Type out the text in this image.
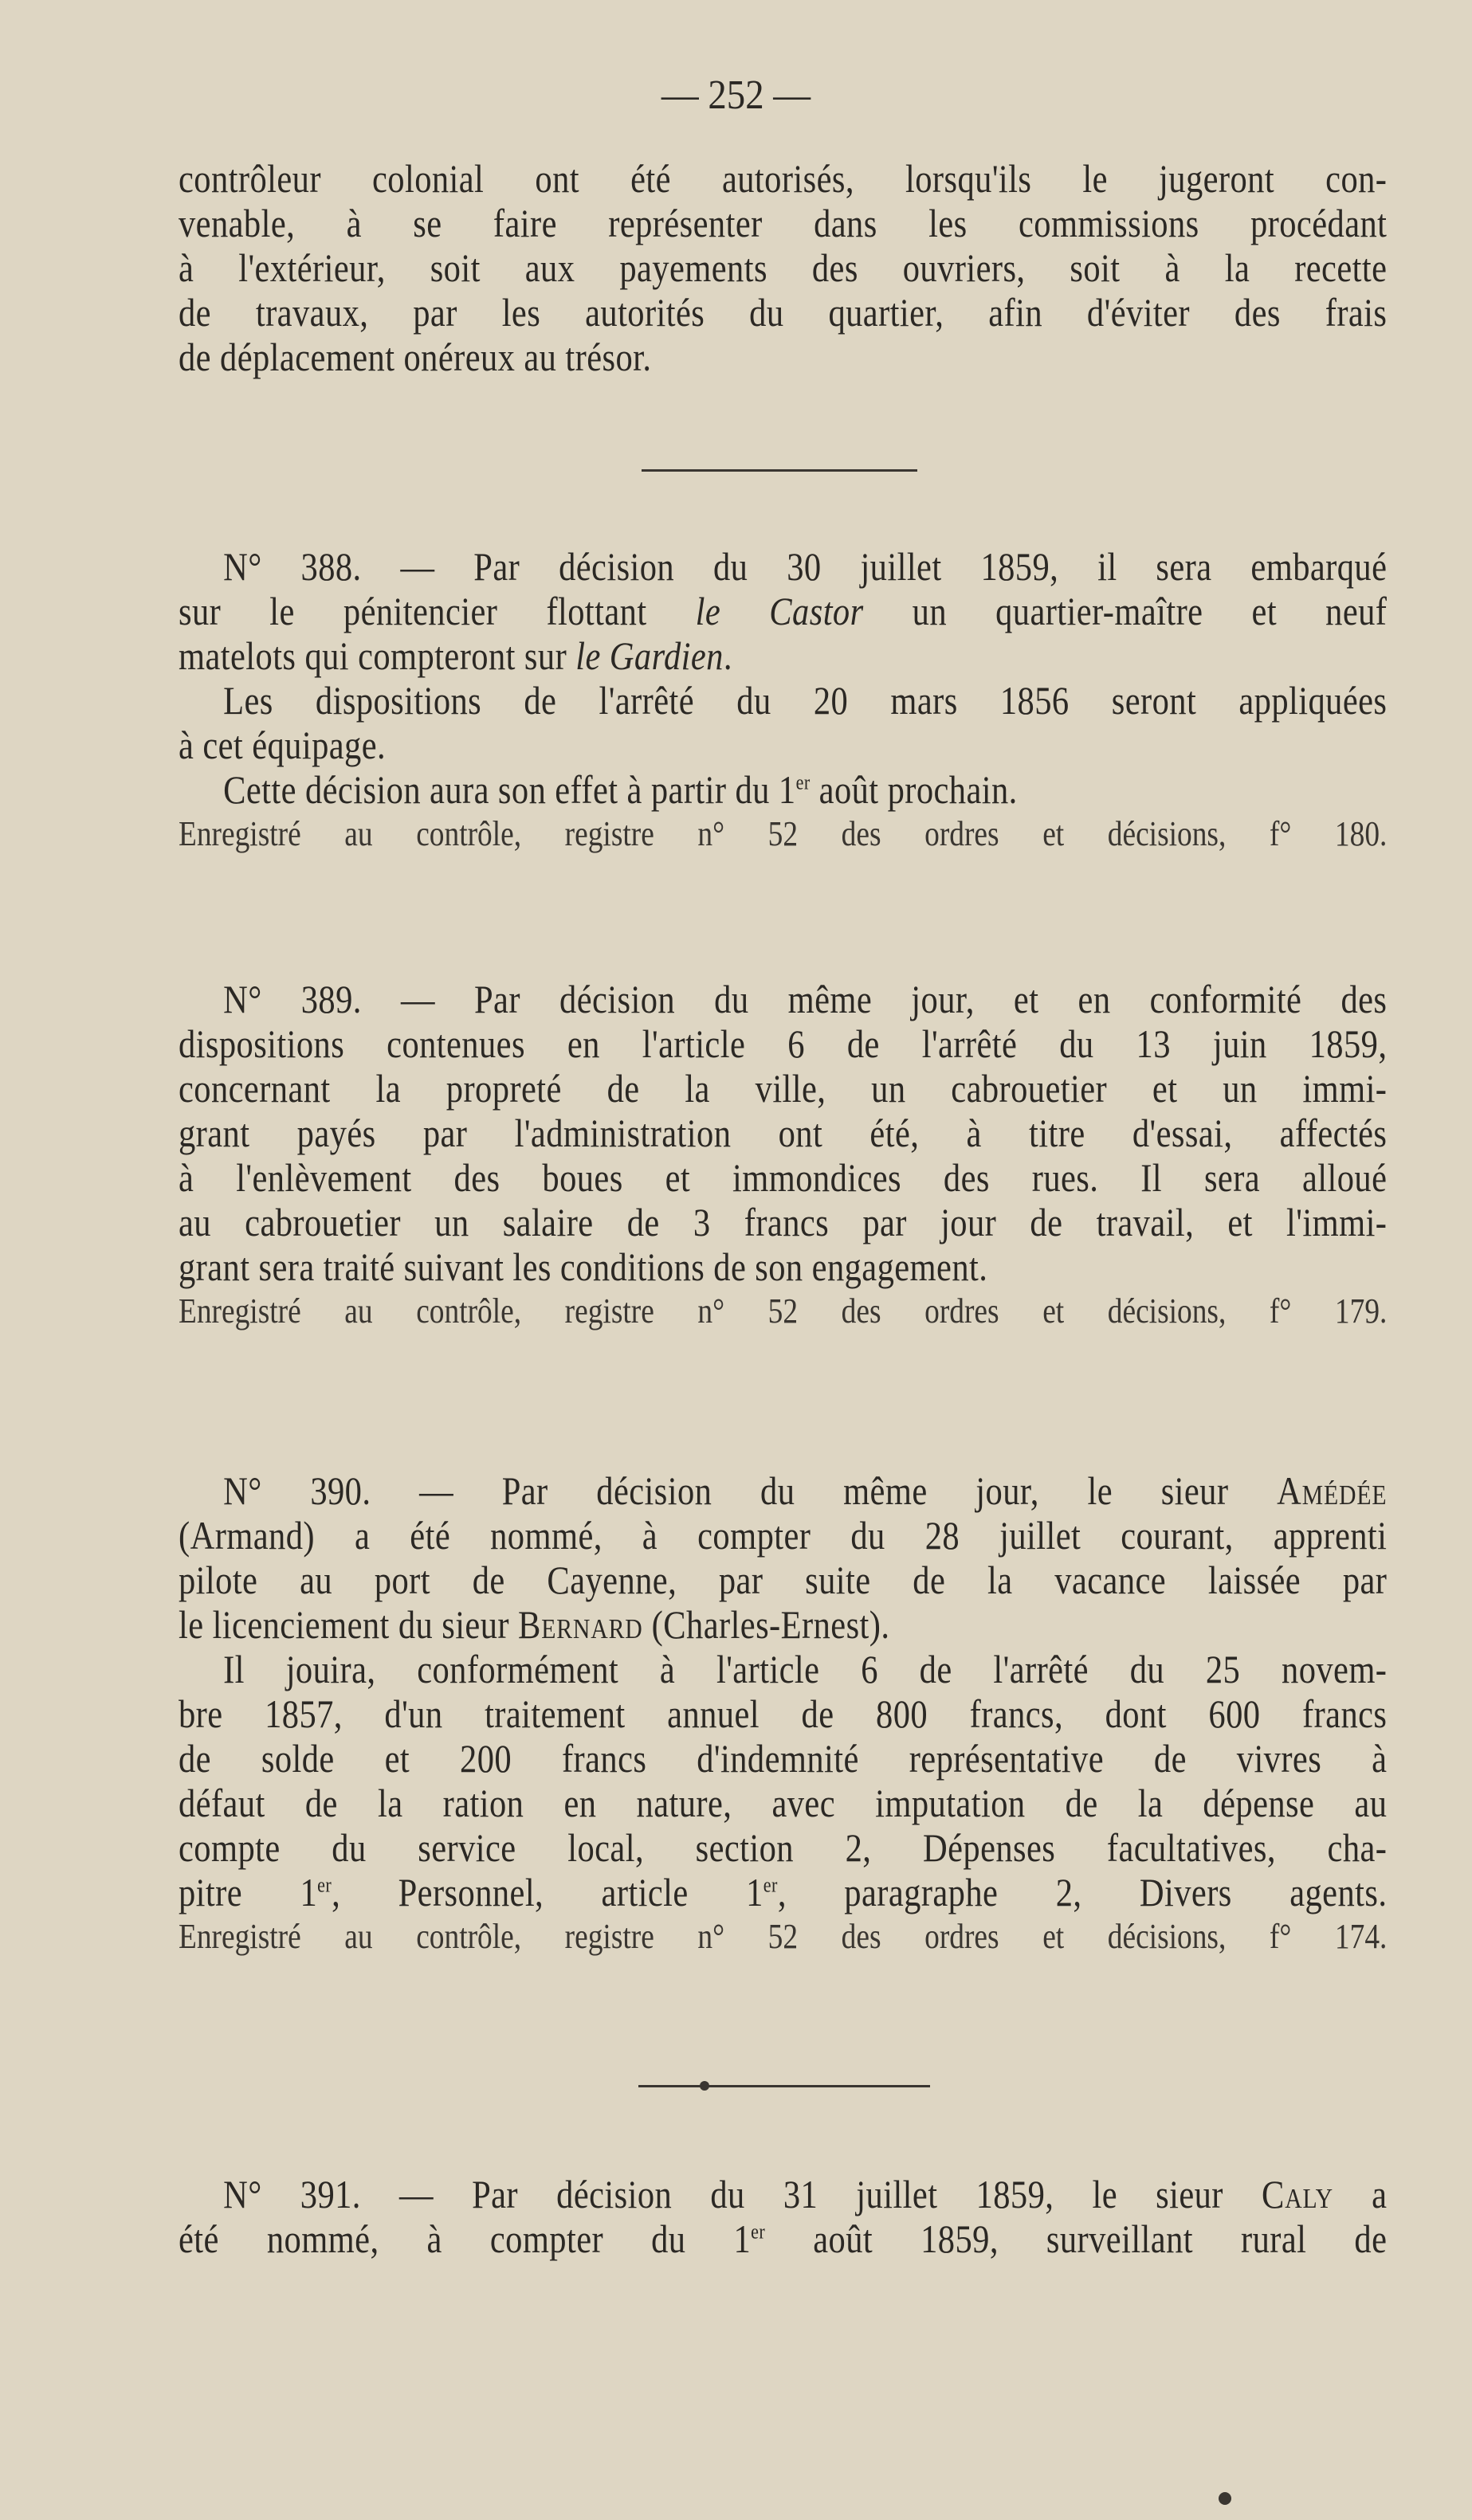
— 252 —
contrôleur colonial ont été autorisés, lorsqu'ils le jugeront con-
venable, à se faire représenter dans les commissions procédant
à l'extérieur, soit aux payements des ouvriers, soit à la recette
de travaux, par les autorités du quartier, afin d'éviter des frais
de déplacement onéreux au trésor.
N° 388. — Par décision du 30 juillet 1859, il sera embarqué
sur le pénitencier flottant le Castor un quartier-maître et neuf
matelots qui compteront sur le Gardien.
Les dispositions de l'arrêté du 20 mars 1856 seront appliquées
à cet équipage.
Cette décision aura son effet à partir du 1er août prochain.
Enregistré au contrôle, registre n° 52 des ordres et décisions, f° 180.
N° 389. — Par décision du même jour, et en conformité des
dispositions contenues en l'article 6 de l'arrêté du 13 juin 1859,
concernant la propreté de la ville, un cabrouetier et un immi-
grant payés par l'administration ont été, à titre d'essai, affectés
à l'enlèvement des boues et immondices des rues. Il sera alloué
au cabrouetier un salaire de 3 francs par jour de travail, et l'immi-
grant sera traité suivant les conditions de son engagement.
Enregistré au contrôle, registre n° 52 des ordres et décisions, f° 179.
N° 390. — Par décision du même jour, le sieur Amédée
(Armand) a été nommé, à compter du 28 juillet courant, apprenti
pilote au port de Cayenne, par suite de la vacance laissée par
le licenciement du sieur Bernard (Charles-Ernest).
Il jouira, conformément à l'article 6 de l'arrêté du 25 novem-
bre 1857, d'un traitement annuel de 800 francs, dont 600 francs
de solde et 200 francs d'indemnité représentative de vivres à
défaut de la ration en nature, avec imputation de la dépense au
compte du service local, section 2, Dépenses facultatives, cha-
pitre 1er, Personnel, article 1er, paragraphe 2, Divers agents.
Enregistré au contrôle, registre n° 52 des ordres et décisions, f° 174.
N° 391. — Par décision du 31 juillet 1859, le sieur Caly a
été nommé, à compter du 1er août 1859, surveillant rural de
